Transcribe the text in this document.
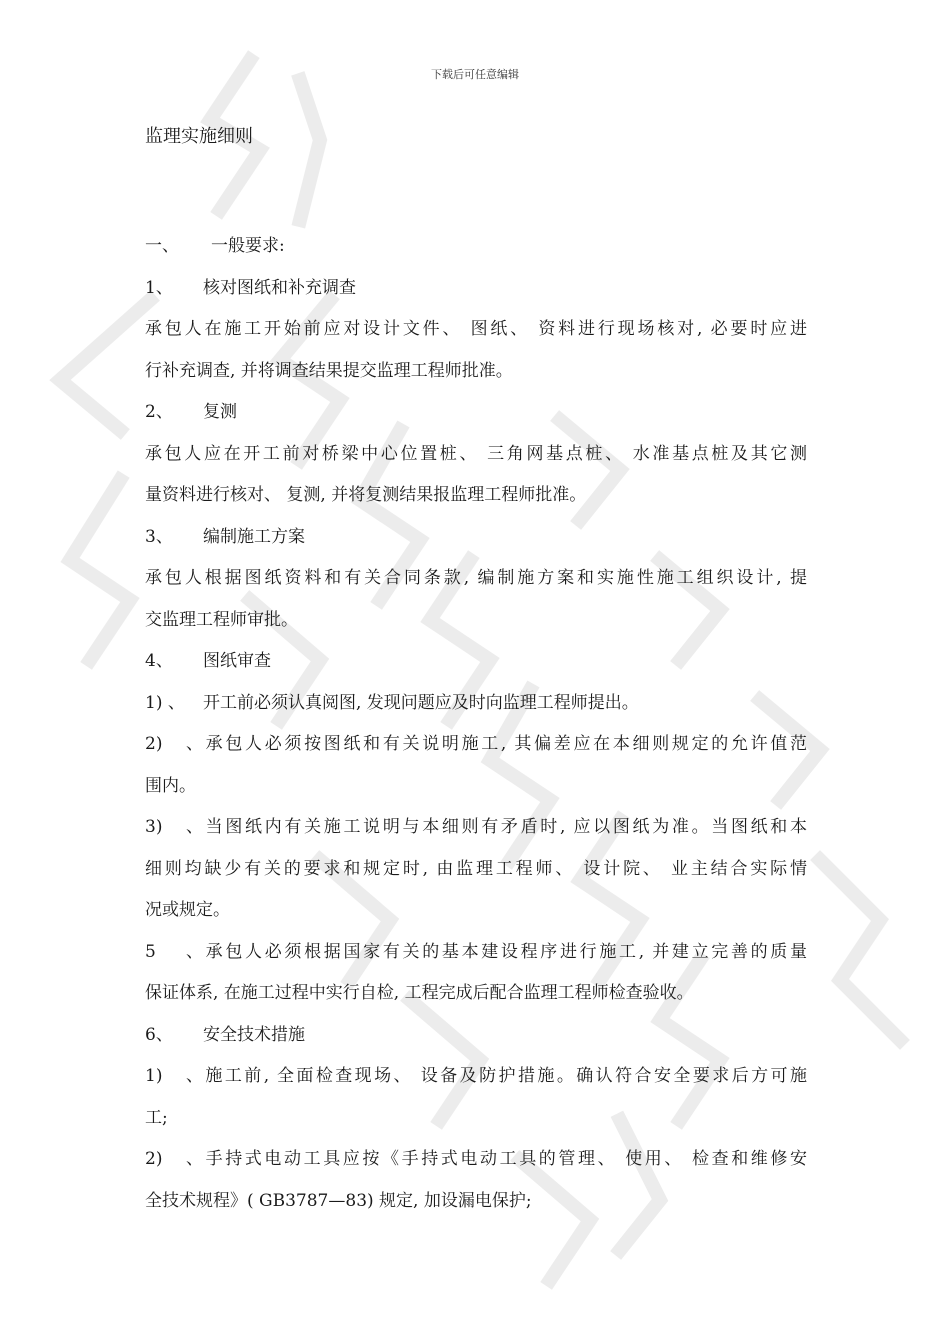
下载后可任意编辑
监理实施细则
一、 一般要求:
1、 核对图纸和补充调查
承包人在施工开始前应对设计文件、 图纸、 资料进行现场核对, 必要时应进
行补充调查, 并将调查结果提交监理工程师批准。
2、 复测
承包人应在开工前对桥梁中心位置桩、 三角网基点桩、 水准基点桩及其它测
量资料进行核对、 复测, 并将复测结果报监理工程师批准。
3、 编制施工方案
承包人根据图纸资料和有关合同条款, 编制施方案和实施性施工组织设计, 提
交监理工程师审批。
4、 图纸审查
1) 、 开工前必须认真阅图, 发现问题应及时向监理工程师提出。
2) 、承包人必须按图纸和有关说明施工, 其偏差应在本细则规定的允许值范
围内。
3) 、当图纸内有关施工说明与本细则有矛盾时, 应以图纸为准。当图纸和本
细则均缺少有关的要求和规定时, 由监理工程师、 设计院、 业主结合实际情
况或规定。
5、承包人必须根据国家有关的基本建设程序进行施工, 并建立完善的质量
保证体系, 在施工过程中实行自检, 工程完成后配合监理工程师检查验收。
6、 安全技术措施
1) 、施工前, 全面检查现场、 设备及防护措施。确认符合安全要求后方可施
工;
2) 、手持式电动工具应按《手持式电动工具的管理、 使用、 检查和维修安
全技术规程》( GB3787—83) 规定, 加设漏电保护;
